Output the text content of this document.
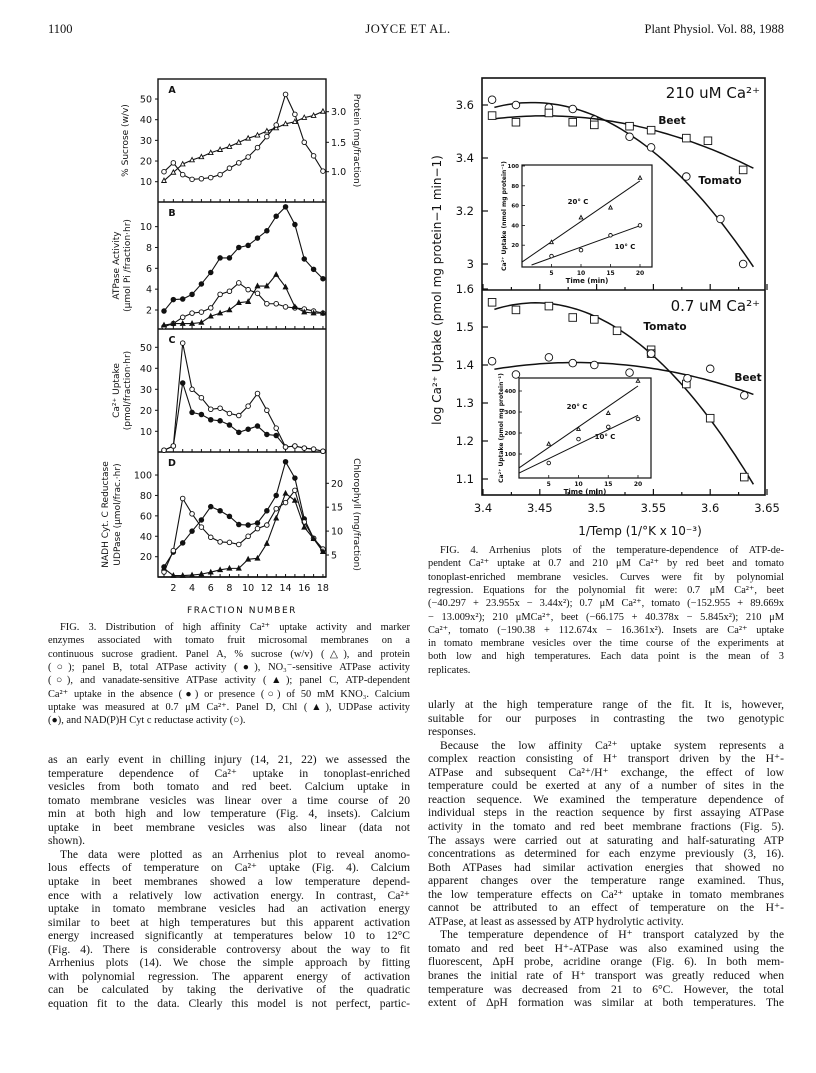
1100	JOYCE ET AL.	Plant Physiol. Vol. 88, 1988
A
10
20
30
40
50
1.0
1.5
3.0
% Sucrose (w/v)	Protein (mg/fraction)
B
2
4
6
8
10
ATPase Activity (μmol Pi /fraction·hr)
C
10
20
30
40
50
Ca²⁺ Uptake (pmol/fraction·hr)
D
20
40
60
80
100
5
10
15
20
NADH Cyt. C Reductase UDPase (μmol/frac.·hr)	Chlorophyll (mg/fraction)
2 4 6 8 10 12 14 16 18
FRACTION NUMBER
3
3.2
3.4
3.6
210 uM Ca²⁺
Tomato
Beet
5	10	15	20
20
40
60
80
100
Time (min)
Ca²⁺ Uptake (nmol mg protein⁻¹)	20° C
10° C
1.1
1.2
1.3
1.4
1.5
1.6
0.7 uM Ca²⁺
Tomato
Beet
5	10	15	20
100
200
300
400
Time (min)
Ca²⁺ Uptake (pmol mg protein⁻¹)	20° C
10° C
3.4	3.45	3.5	3.55	3.6	3.65
1/Temp (1/°K x 10⁻³)
log Ca²⁺ Uptake (pmol mg protein−1 min−1)
FIG. 3. Distribution of high affinity Ca²⁺ uptake activity and marker
enzymes associated with tomato fruit microsomal membranes on a
continuous sucrose gradient. Panel A, % sucrose (w/v) (△), and protein
(○); panel B, total ATPase activity (●), NO₃⁻-sensitive ATPase activity
(○), and vanadate-sensitive ATPase activity (▲); panel C, ATP-dependent
Ca²⁺ uptake in the absence (●) or presence (○) of 50 mM KNO₃. Calcium
uptake was measured at 0.7 μM Ca²⁺. Panel D, Chl (▲), UDPase activity
(●), and NAD(P)H Cyt c reductase activity (○).
FIG. 4. Arrhenius plots of the temperature-dependence of ATP-de-
pendent Ca²⁺ uptake at 0.7 and 210 μM Ca²⁺ by red beet and tomato
tonoplast-enriched membrane vesicles. Curves were fit by polynomial
regression. Equations for the polynomial fit were: 0.7 μM Ca²⁺, beet
(−40.297 + 23.955x − 3.44x²); 0.7 μM Ca²⁺, tomato (−152.955 + 89.669x
− 13.009x²); 210 μMCa²⁺, beet (−66.175 + 40.378x − 5.845x²); 210 μM
Ca²⁺, tomato (−190.38 + 112.674x − 16.361x²). Insets are Ca²⁺ uptake
in tomato membrane vesicles over the time course of the experiments at
both low and high temperatures. Each data point is the mean of 3
replicates.
as an early event in chilling injury (14, 21, 22) we assessed the
temperature dependence of Ca²⁺ uptake in tonoplast-enriched
vesicles from both tomato and red beet. Calcium uptake in
tomato membrane vesicles was linear over a time course of 20
min at both high and low temperature (Fig. 4, insets). Calcium
uptake in beet membrane vesicles was also linear (data not
shown).
The data were plotted as an Arrhenius plot to reveal anomo-
lous effects of temperature on Ca²⁺ uptake (Fig. 4). Calcium
uptake in beet membranes showed a low temperature depend-
ence with a relatively low activation energy. In contrast, Ca²⁺
uptake in tomato membrane vesicles had an activation energy
similar to beet at high temperatures but this apparent activation
energy increased significantly at temperatures below 10 to 12°C
(Fig. 4). There is considerable controversy about the way to fit
Arrhenius plots (14). We chose the simple approach by fitting
with polynomial regression. The apparent energy of activation
can be calculated by taking the derivative of the quadratic
equation fit to the data. Clearly this model is not perfect, partic-
ularly at the high temperature range of the fit. It is, however,
suitable for our purposes in contrasting the two genotypic
responses.
Because the low affinity Ca²⁺ uptake system represents a
complex reaction consisting of H⁺ transport driven by the H⁺-
ATPase and subsequent Ca²⁺/H⁺ exchange, the effect of low
temperature could be exerted at any of a number of sites in the
reaction sequence. We examined the temperature dependence of
individual steps in the reaction sequence by first assaying ATPase
activity in the tomato and red beet membrane fractions (Fig. 5).
The assays were carried out at saturating and half-saturating ATP
concentrations as determined for each enzyme previously (3, 16).
Both ATPases had similar activation energies that showed no
apparent changes over the temperature range examined. Thus,
the low temperature effects on Ca²⁺ uptake in tomato membranes
cannot be attributed to an effect of temperature on the H⁺-
ATPase, at least as assessed by ATP hydrolytic activity.
The temperature dependence of H⁺ transport catalyzed by the
tomato and red beet H⁺-ATPase was also examined using the
fluorescent, ΔpH probe, acridine orange (Fig. 6). In both mem-
branes the initial rate of H⁺ transport was greatly reduced when
temperature was decreased from 21 to 6°C. However, the total
extent of ΔpH formation was similar at both temperatures. The
